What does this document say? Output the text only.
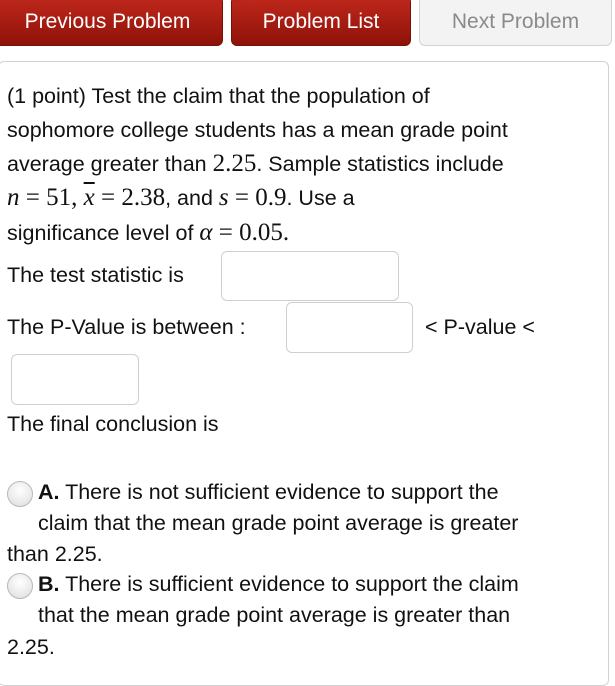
Previous Problem	Problem List	Next Problem
(1 point) Test the claim that the population of
sophomore college students has a mean grade point
average greater than 2.25. Sample statistics include
n = 51, $\overline{x} = 2.38$, and s = 0.9. Use a
significance level of α = 0.05.
The test statistic is
The P-Value is between :	< P-value <
The final conclusion is
A. There is not sufficient evidence to support the
claim that the mean grade point average is greater
than 2.25.
B. There is sufficient evidence to support the claim
that the mean grade point average is greater than
2.25.
